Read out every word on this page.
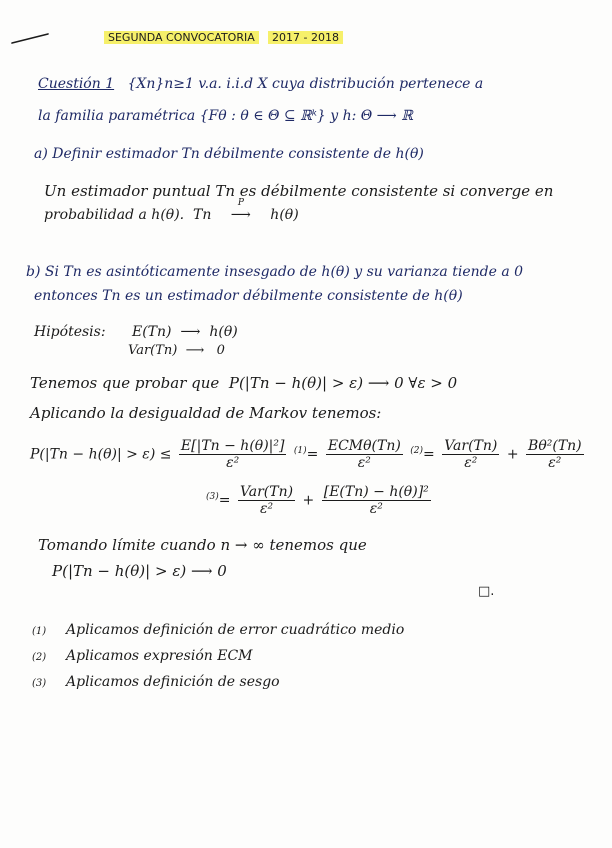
SEGUNDA CONVOCATORIA	2017 - 2018
Cuestión 1 {Xn}n≥1 v.a. i.i.d X cuya distribución pertenece a
la familia paramétrica {Fθ : θ ∈ Θ ⊆ ℝᵏ} y h: Θ ⟶ ℝ
a) Definir estimador Tn débilmente consistente de h(θ)
Un estimador puntual Tn es débilmente consistente si converge en
probabilidad a h(θ). Tn
P
⟶ h(θ)
b) Si Tn es asintóticamente insesgado de h(θ) y su varianza tiende a 0
entonces Tn es un estimador débilmente consistente de h(θ)
Hipótesis: E(Tn)  ⟶  h(θ)
Var(Tn)  ⟶   0
Tenemos que probar que P(|Tn − h(θ)| > ε) ⟶ 0 ∀ε > 0
Aplicando la desigualdad de Markov tenemos:
$P(|Tn - h(\theta)| > \varepsilon) \le \frac{\text{E[|Tn − h(θ)|²]}}{\text{ε²}} ^{(1)}= \frac{\text{ECMθ(Tn)}}{\text{ε²}} ^{(2)}= \frac{\text{Var(Tn)}}{\text{ε²}} + \frac{\text{Bθ²(Tn)}}{\text{ε²}}$
$^{(3)}= \frac{\text{Var(Tn)}}{\text{ε²}} + \frac{\text{[E(Tn) − h(θ)]²}}{\text{ε²}}$
Tomando límite cuando n → ∞ tenemos que
P(|Tn − h(θ)| > ε) ⟶ 0
□.
(1) Aplicamos definición de error cuadrático medio
(2) Aplicamos expresión ECM
(3) Aplicamos definición de sesgo
